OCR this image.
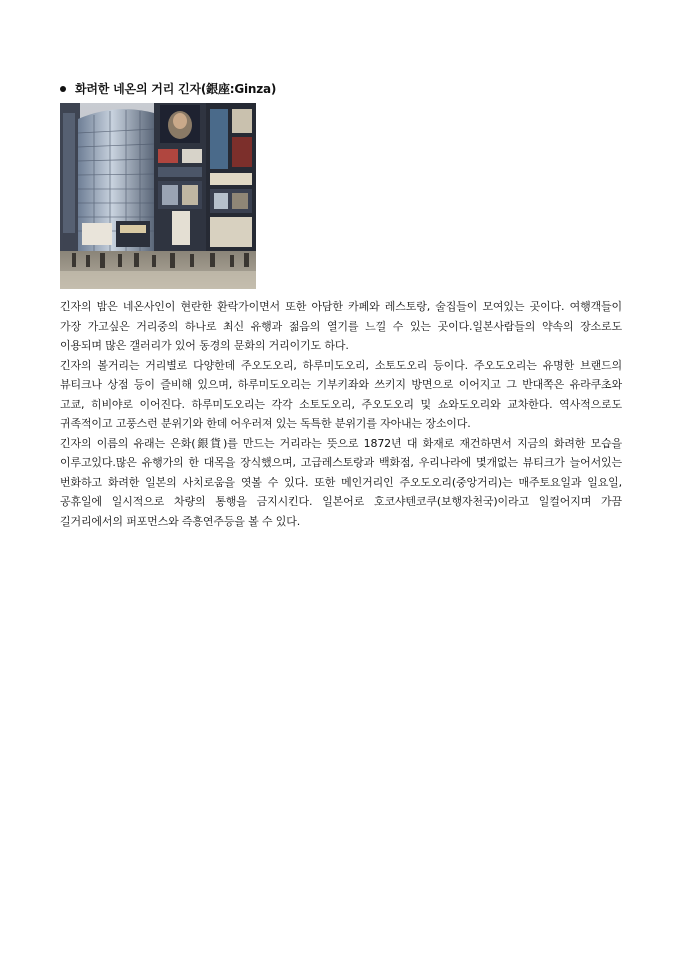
화려한 네온의 거리 긴자(銀座:Ginza)

긴자의 밤은 네온사인이 현란한 환락가이면서 또한 아담한 카페와 레스토랑, 술집들이 모여있는 곳이다. 여행객들이 가장 가고싶은 거리중의 하나로 최신 유행과 젊음의 열기를 느낄 수 있는 곳이다.일본사람들의 약속의 장소로도 이용되며 많은 갤러리가 있어 동경의 문화의 거리이기도 하다.

긴자의 볼거리는 거리별로 다양한데 주오도오리, 하루미도오리, 소토도오리 등이다. 주오도오리는 유명한 브랜드의 뷰티크나 상점 등이 즐비해 있으며, 하루미도오리는 기부키좌와 쓰키지 방면으로 이어지고 그 반대쪽은 유라쿠초와 고쿄, 히비야로 이어진다. 하루미도오리는 각각 소토도오리, 주오도오리 및 쇼와도오리와 교차한다. 역사적으로도 귀족적이고 고풍스런 분위기와 한데 어우러져 있는 독특한 분위기를 자아내는 장소이다.

긴자의 이름의 유래는 은화(銀貨)를 만드는 거리라는 뜻으로 1872년 대 화재로 재건하면서 지금의 화려한 모습을 이루고있다.많은 유행가의 한 대목을 장식했으며, 고급레스토랑과 백화점, 우리나라에 몇개없는 뷰티크가 늘어서있는 번화하고 화려한 일본의 사치로움을 엿볼 수 있다. 또한 메인거리인 주오도오리(중앙거리)는 매주토요일과 일요일, 공휴일에 일시적으로 차량의 통행을 금지시킨다. 일본어로 호코샤텐코쿠(보행자천국)이라고 일컬어지며 가끔 길거리에서의 퍼포먼스와 즉흥연주등을 볼 수 있다.
